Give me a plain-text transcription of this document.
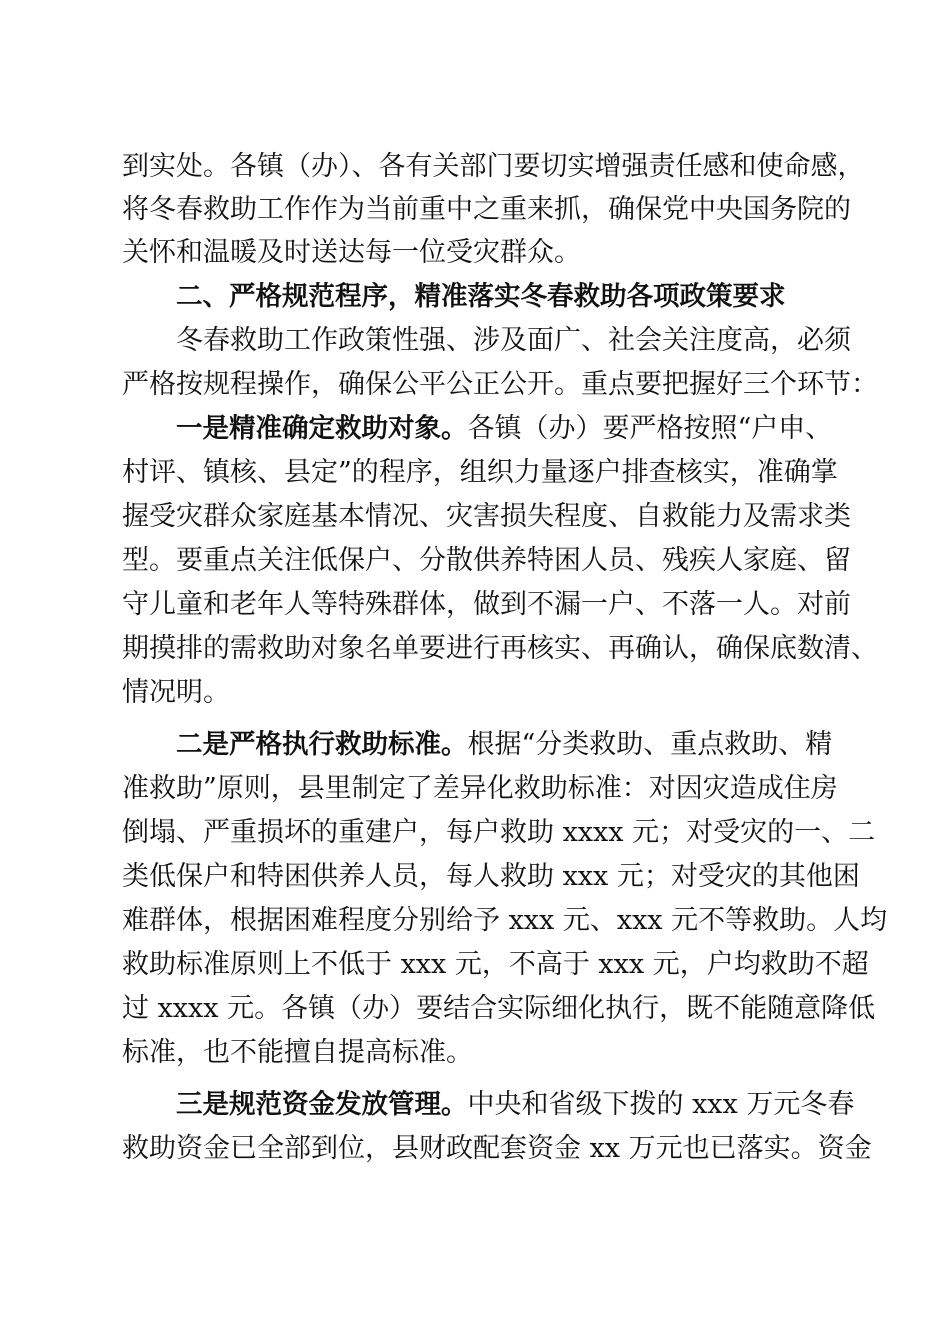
到实处。各镇（办）、各有关部门要切实增强责任感和使命感，
将冬春救助工作作为当前重中之重来抓，确保党中央国务院的
关怀和温暖及时送达每一位受灾群众。
二、严格规范程序，精准落实冬春救助各项政策要求
冬春救助工作政策性强、涉及面广、社会关注度高，必须
严格按规程操作，确保公平公正公开。重点要把握好三个环节：
一是精准确定救助对象。各镇（办）要严格按照“户申、
村评、镇核、县定”的程序，组织力量逐户排查核实，准确掌
握受灾群众家庭基本情况、灾害损失程度、自救能力及需求类
型。要重点关注低保户、分散供养特困人员、残疾人家庭、留
守儿童和老年人等特殊群体，做到不漏一户、不落一人。对前
期摸排的需救助对象名单要进行再核实、再确认，确保底数清、
情况明。
二是严格执行救助标准。根据“分类救助、重点救助、精
准救助”原则，县里制定了差异化救助标准：对因灾造成住房
倒塌、严重损坏的重建户，每户救助 xxxx 元；对受灾的一、二
类低保户和特困供养人员，每人救助 xxx 元；对受灾的其他困
难群体，根据困难程度分别给予 xxx 元、xxx 元不等救助。人均
救助标准原则上不低于 xxx 元，不高于 xxx 元，户均救助不超
过 xxxx 元。各镇（办）要结合实际细化执行，既不能随意降低
标准，也不能擅自提高标准。
三是规范资金发放管理。中央和省级下拨的 xxx 万元冬春
救助资金已全部到位，县财政配套资金 xx 万元也已落实。资金
